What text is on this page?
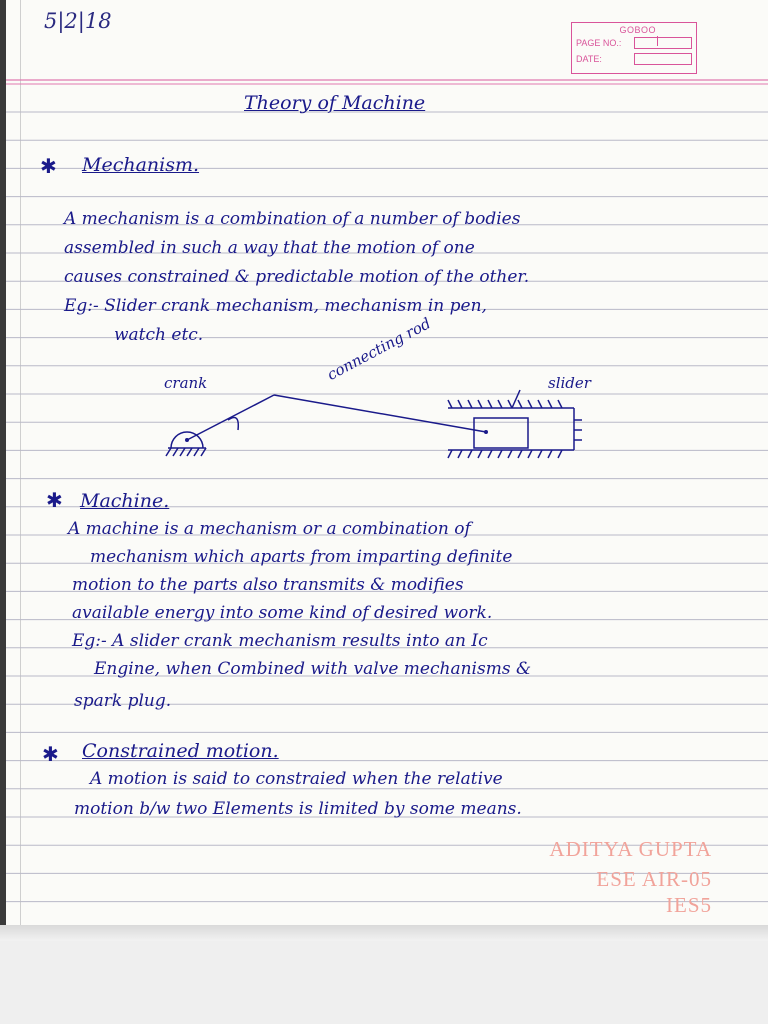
5|2|18	GOBOO
PAGE NO.:
DATE:
Theory of Machine
✱ Mechanism.
A mechanism is a combination of a number of bodies
assembled in such a way that the motion of one
causes constrained & predictable motion of the other.
Eg:- Slider crank mechanism, mechanism in pen,
watch etc.
crank	connecting rod	slider
✱ Machine.
A machine is a mechanism or a combination of
mechanism which aparts from imparting definite
motion to the parts also transmits & modifies
available energy into some kind of desired work.
Eg:- A slider crank mechanism results into an Ic
Engine, when Combined with valve mechanisms &
spark plug.
✱ Constrained motion.
A motion is said to constraied when the relative
motion b/w two Elements is limited by some means.
ADITYA GUPTA
ESE AIR-05
IES5
